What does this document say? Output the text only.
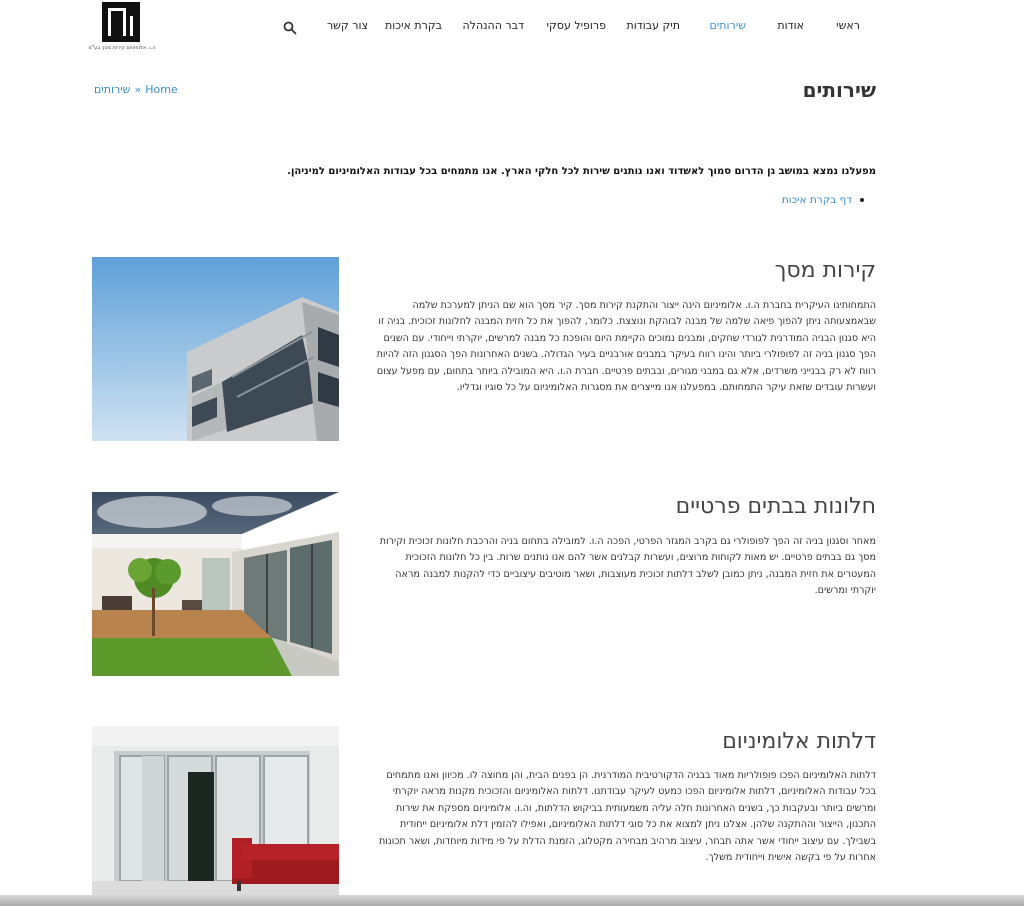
ה.ו. אלומיניום קירות מסך בע"מ
ראשי
אודות
שירותים
תיק עבודות
פרופיל עסקי
דבר ההנהלה
בקרת איכות
צור קשר
שירותים » Home	שירותים

מפעלנו נמצא במושב גן הדרום סמוך לאשדוד ואנו נותנים שירות לכל חלקי הארץ. אנו מתמחים בכל עבודות האלומיניום למיניהן.

דף בקרת איכות
קירות מסך

התמחותינו העיקרית בחברת ה.ו. אלומיניום הינה ייצור והתקנת קירות מסך. קיר מסך הוא שם הניתן למערכת שלמה שבאמצעותה ניתן להפוך פיאה שלמה של מבנה לבוהקת ונוצצת. כלומר, להפוך את כל חזית המבנה לחלונות זכוכית. בניה זו היא סגנון הבניה המודרנית לגורדי שחקים, ומבנים נמוכים הקיימת היום והופכת כל מבנה למרשים, יוקרתי וייחודי. עם השנים הפך סגנון בניה זה לפופולרי ביותר והינו רווח בעיקר במבנים אורבניים בעיר הגדולה. בשנים האחרונות הפך הסגנון הזה להיות רווח לא רק בבנייני משרדים, אלא גם במבני מגורים, ובבתים פרטיים. חברת ה.ו. היא המובילה ביותר בתחום, עם מפעל עצום ועשרות עובדים שזאת עיקר התמחותם. במפעלנו אנו מייצרים את מסגרות האלומיניום על כל סוגיו וגדליו.

חלונות בבתים פרטיים

מאחר וסגנון בניה זה הפך לפופולרי גם בקרב המגזר הפרטי, הפכה ה.ו. למובילה בתחום בניה והרכבת חלונות זכוכית וקירות מסך גם בבתים פרטיים. יש מאות לקוחות מרוצים, ועשרות קבלנים אשר להם אנו נותנים שרות. בין כל חלונות הזכוכית המעטרים את חזית המבנה, ניתן כמובן לשלב דלתות זכוכית מעוצבות, ושאר מוטיבים עיצוביים כדי להקנות למבנה מראה יוקרתי ומרשים.

דלתות אלומיניום

דלתות האלומיניום הפכו פופולריות מאוד בבניה הדקורטיבית המודרנית. הן בפנים הבית, והן מחוצה לו. מכיוון ואנו מתמחים בכל עבודות האלומיניום, דלתות אלומיניום הפכו כמעט לעיקר עבודתנו. דלתות האלומיניום והזכוכית מקנות מראה יוקרתי ומרשים ביותר ובעקבות כך, בשנים האחרונות חלה עליה משמעותית בביקוש הדלתות, וה.ו. אלומיניום מספקת את שירות התכנון, הייצור וההתקנה שלהן. אצלנו ניתן למצוא את כל סוגי דלתות האלומיניום, ואפילו להזמין דלת אלומיניום ייחודית בשבילך. עם עיצוב ייחודי אשר אתה תבחר, עיצוב מרהיב מבחירה מקטלוג, הזמנת הדלת על פי מידות מיוחדות, ושאר תכונות אחרות על פי בקשה אישית וייחודית משלך.
